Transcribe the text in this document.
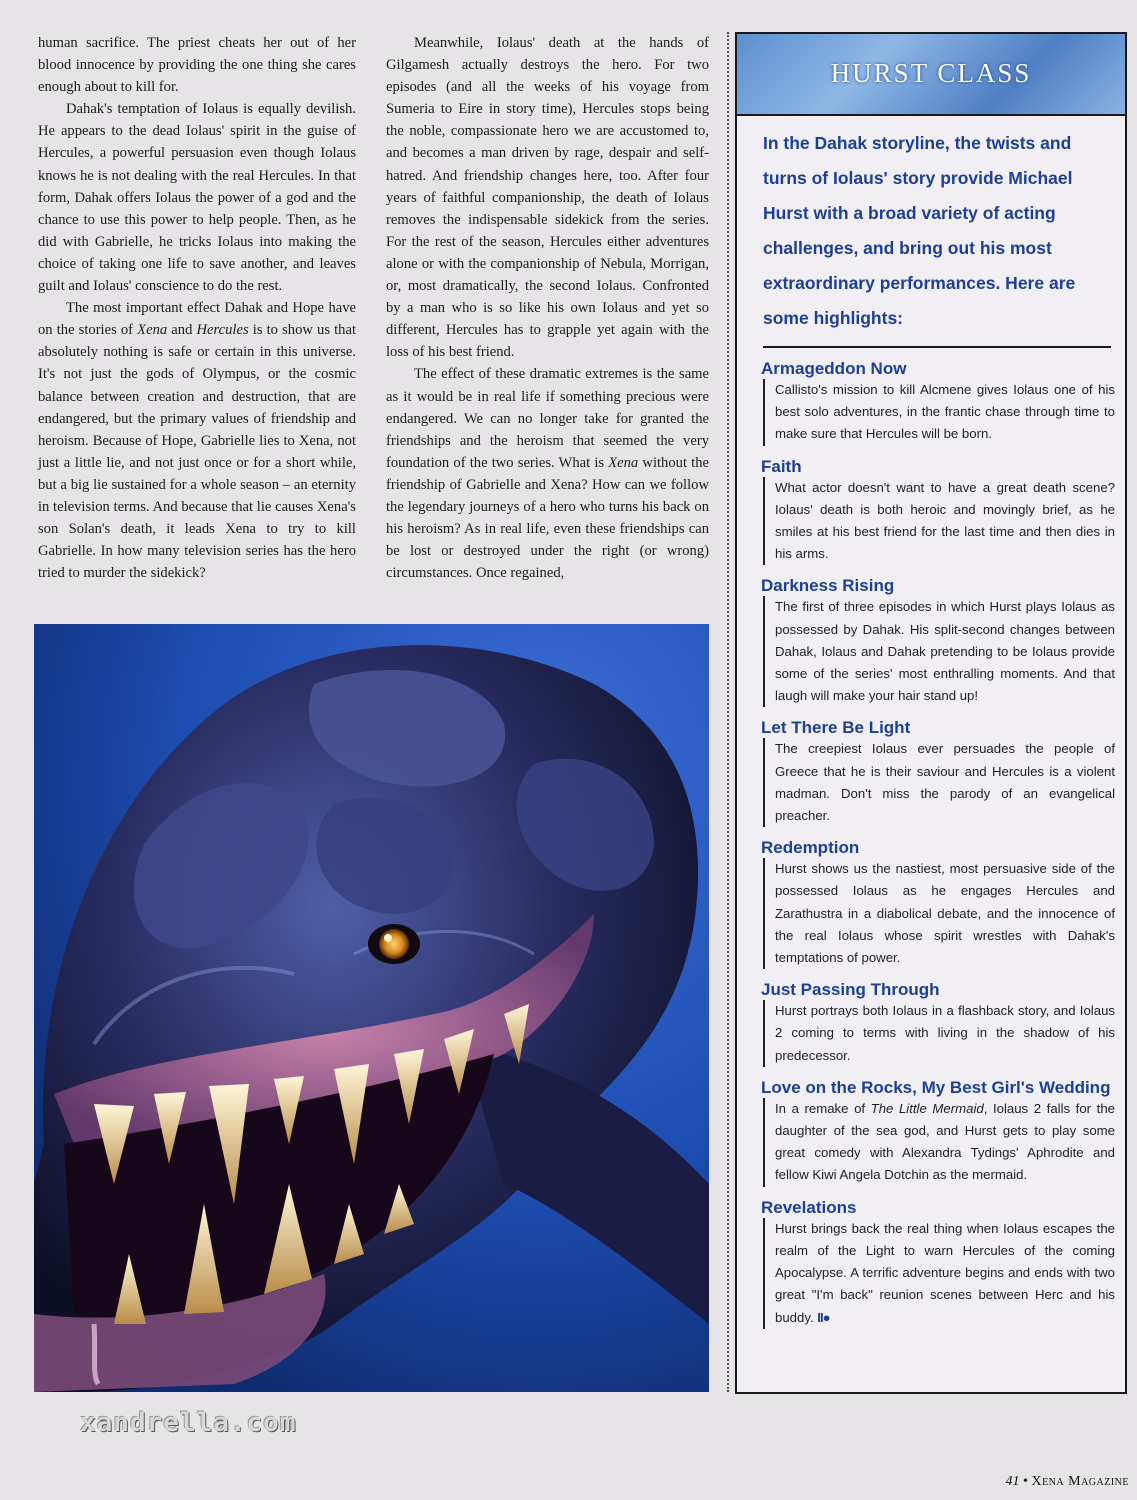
human sacrifice. The priest cheats her out of her blood innocence by providing the one thing she cares enough about to kill for.

Dahak's temptation of Iolaus is equally devilish. He appears to the dead Iolaus' spirit in the guise of Hercules, a powerful persuasion even though Iolaus knows he is not dealing with the real Hercules. In that form, Dahak offers Iolaus the power of a god and the chance to use this power to help people. Then, as he did with Gabrielle, he tricks Iolaus into making the choice of taking one life to save another, and leaves guilt and Iolaus' conscience to do the rest.

The most important effect Dahak and Hope have on the stories of Xena and Hercules is to show us that absolutely nothing is safe or certain in this universe. It's not just the gods of Olympus, or the cosmic balance between creation and destruction, that are endangered, but the primary values of friendship and heroism. Because of Hope, Gabrielle lies to Xena, not just a little lie, and not just once or for a short while, but a big lie sustained for a whole season – an eternity in television terms. And because that lie causes Xena's son Solan's death, it leads Xena to try to kill Gabrielle. In how many television series has the hero tried to murder the sidekick?

Meanwhile, Iolaus' death at the hands of Gilgamesh actually destroys the hero. For two episodes (and all the weeks of his voyage from Sumeria to Eire in story time), Hercules stops being the noble, compassionate hero we are accustomed to, and becomes a man driven by rage, despair and self-hatred. And friendship changes here, too. After four years of faithful companionship, the death of Iolaus removes the indispensable sidekick from the series. For the rest of the season, Hercules either adventures alone or with the companionship of Nebula, Morrigan, or, most dramatically, the second Iolaus. Confronted by a man who is so like his own Iolaus and yet so different, Hercules has to grapple yet again with the loss of his best friend.

The effect of these dramatic extremes is the same as it would be in real life if something precious were endangered. We can no longer take for granted the friendships and the heroism that seemed the very foundation of the two series. What is Xena without the friendship of Gabrielle and Xena? How can we follow the legendary journeys of a hero who turns his back on his heroism? As in real life, even these friendships can be lost or destroyed under the right (or wrong) circumstances. Once regained,

HURST CLASS
In the Dahak storyline, the twists and turns of Iolaus' story provide Michael Hurst with a broad variety of acting challenges, and bring out his most extraordinary performances. Here are some highlights:
Armageddon Now
Callisto's mission to kill Alcmene gives Iolaus one of his best solo adventures, in the frantic chase through time to make sure that Hercules will be born.
Faith
What actor doesn't want to have a great death scene? Iolaus' death is both heroic and movingly brief, as he smiles at his best friend for the last time and then dies in his arms.
Darkness Rising
The first of three episodes in which Hurst plays Iolaus as possessed by Dahak. His split-second changes between Dahak, Iolaus and Dahak pretending to be Iolaus provide some of the series' most enthralling moments. And that laugh will make your hair stand up!
Let There Be Light
The creepiest Iolaus ever persuades the people of Greece that he is their saviour and Hercules is a violent madman. Don't miss the parody of an evangelical preacher.
Redemption
Hurst shows us the nastiest, most persuasive side of the possessed Iolaus as he engages Hercules and Zarathustra in a diabolical debate, and the innocence of the real Iolaus whose spirit wrestles with Dahak's temptations of power.
Just Passing Through
Hurst portrays both Iolaus in a flashback story, and Iolaus 2 coming to terms with living in the shadow of his predecessor.
Love on the Rocks, My Best Girl's Wedding
In a remake of The Little Mermaid, Iolaus 2 falls for the daughter of the sea god, and Hurst gets to play some great comedy with Alexandra Tydings' Aphrodite and fellow Kiwi Angela Dotchin as the mermaid.
Revelations
Hurst brings back the real thing when Iolaus escapes the realm of the Light to warn Hercules of the coming Apocalypse. A terrific adventure begins and ends with two great "I'm back" reunion scenes between Herc and his buddy. II●
xandrella.com
41 • Xena Magazine
